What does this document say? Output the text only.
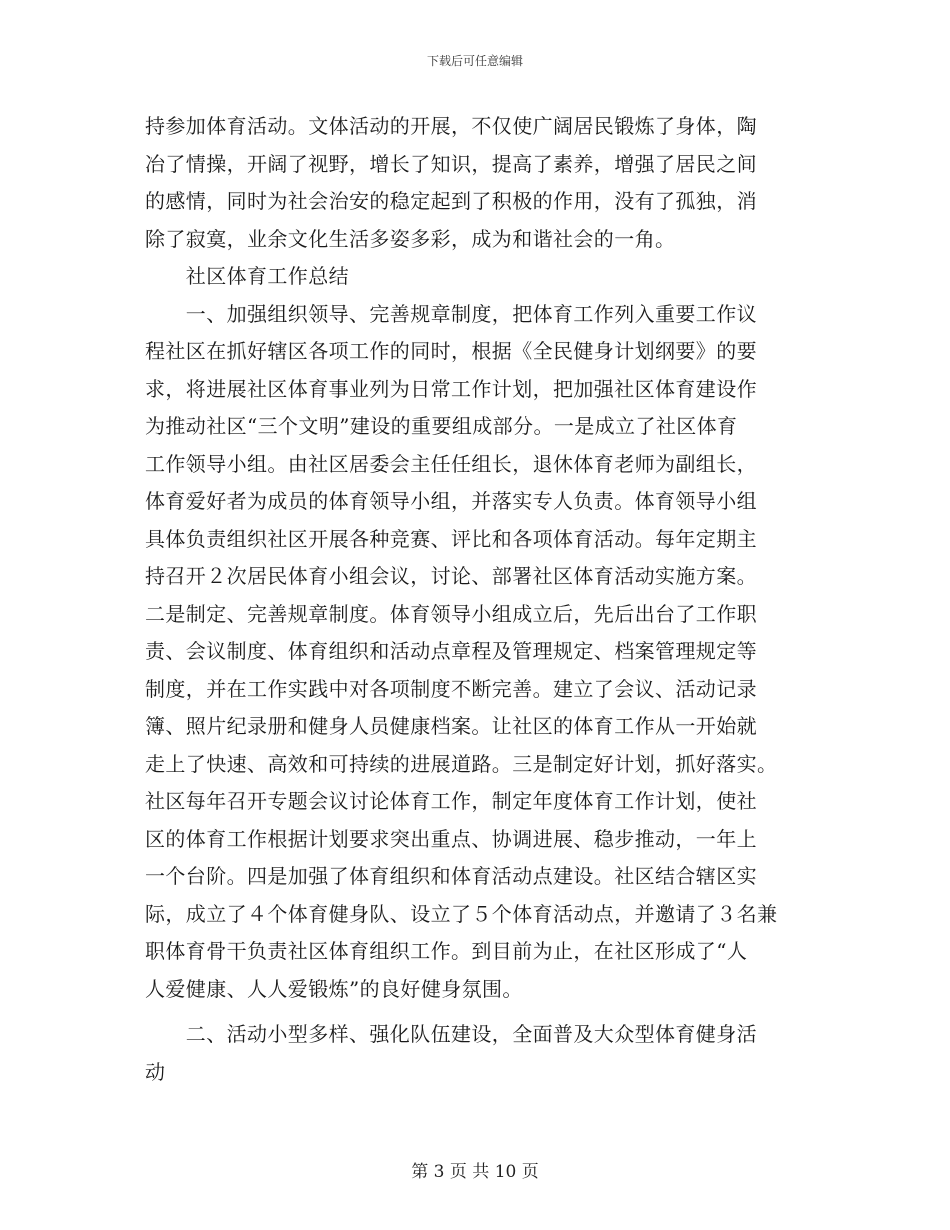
下载后可任意编辑
持参加体育活动。文体活动的开展，不仅使广阔居民锻炼了身体，陶
冶了情操，开阔了视野，增长了知识，提高了素养，增强了居民之间
的感情，同时为社会治安的稳定起到了积极的作用，没有了孤独，消
除了寂寞，业余文化生活多姿多彩，成为和谐社会的一角。
　　社区体育工作总结
　　一、加强组织领导、完善规章制度，把体育工作列入重要工作议
程社区在抓好辖区各项工作的同时，根据《全民健身计划纲要》的要
求，将进展社区体育事业列为日常工作计划，把加强社区体育建设作
为推动社区“三个文明”建设的重要组成部分。一是成立了社区体育
工作领导小组。由社区居委会主任任组长，退休体育老师为副组长，
体育爱好者为成员的体育领导小组，并落实专人负责。体育领导小组
具体负责组织社区开展各种竞赛、评比和各项体育活动。每年定期主
持召开２次居民体育小组会议，讨论、部署社区体育活动实施方案。
二是制定、完善规章制度。体育领导小组成立后，先后出台了工作职
责、会议制度、体育组织和活动点章程及管理规定、档案管理规定等
制度，并在工作实践中对各项制度不断完善。建立了会议、活动记录
簿、照片纪录册和健身人员健康档案。让社区的体育工作从一开始就
走上了快速、高效和可持续的进展道路。三是制定好计划，抓好落实。
社区每年召开专题会议讨论体育工作，制定年度体育工作计划，使社
区的体育工作根据计划要求突出重点、协调进展、稳步推动，一年上
一个台阶。四是加强了体育组织和体育活动点建设。社区结合辖区实
际，成立了４个体育健身队、设立了５个体育活动点，并邀请了３名兼
职体育骨干负责社区体育组织工作。到目前为止，在社区形成了“人
人爱健康、人人爱锻炼”的良好健身氛围。
　　二、活动小型多样、强化队伍建设，全面普及大众型体育健身活
动
第 3 页 共 10 页
